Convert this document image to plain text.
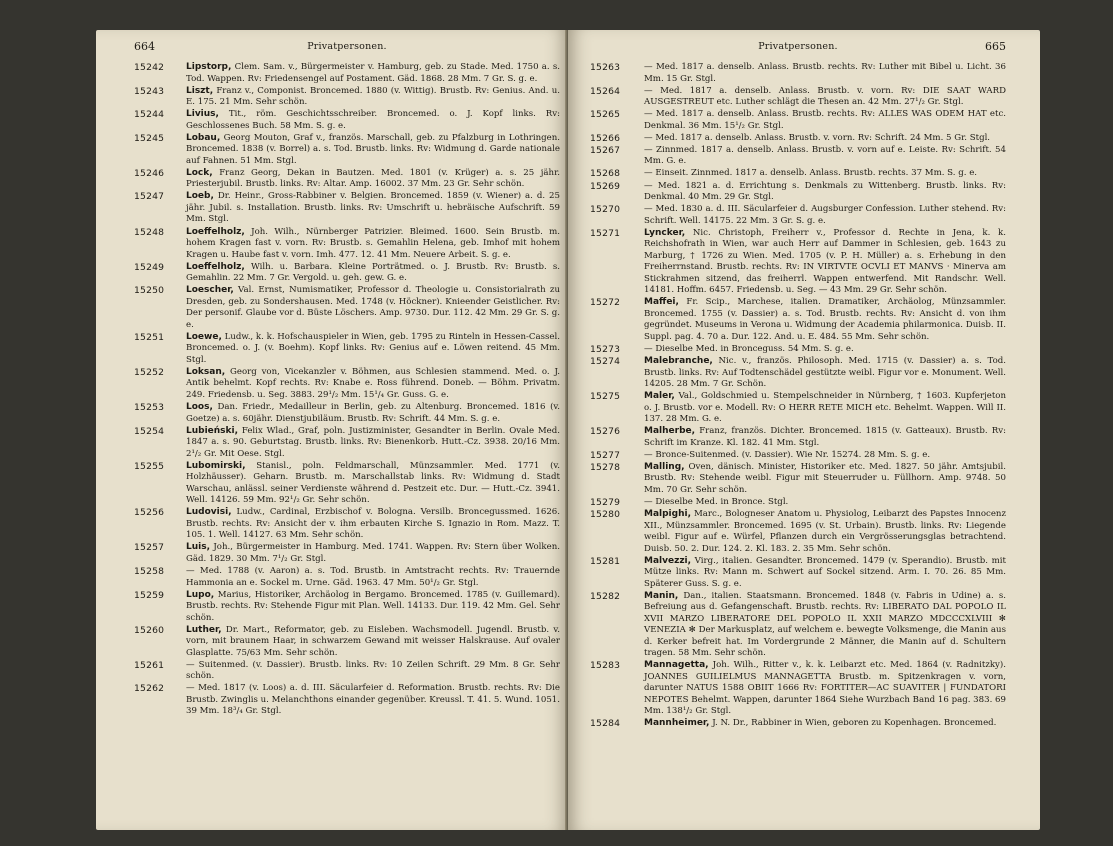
664	Privatpersonen.
15242 Lipstorp, Clem. Sam. v., Bürgermeister v. Hamburg, geb. zu Stade. Med. 1750 a. s. Tod. Wappen. Rv: Friedensengel auf Postament. Gäd. 1868. 28 Mm. 7 Gr. S. g. e.
15243 Liszt, Franz v., Componist. Broncemed. 1880 (v. Wittig). Brustb. Rv: Genius. And. u. E. 175. 21 Mm. Sehr schön.
15244 Livius, Tit., röm. Geschichtsschreiber. Broncemed. o. J. Kopf links. Rv: Geschlossenes Buch. 58 Mm. S. g. e.
15245 Lobau, Georg Mouton, Graf v., französ. Marschall, geb. zu Pfalzburg in Lothringen. Broncemed. 1838 (v. Borrel) a. s. Tod. Brustb. links. Rv: Widmung d. Garde nationale auf Fahnen. 51 Mm. Stgl.
15246 Lock, Franz Georg, Dekan in Bautzen. Med. 1801 (v. Krüger) a. s. 25 jähr. Priesterjubil. Brustb. links. Rv: Altar. Amp. 16002. 37 Mm. 23 Gr. Sehr schön.
15247 Loeb, Dr. Heinr., Gross-Rabbiner v. Belgien. Broncemed. 1859 (v. Wiener) a. d. 25 jähr. Jubil. s. Installation. Brustb. links. Rv: Umschrift u. hebräische Aufschrift. 59 Mm. Stgl.
15248 Loeffelholz, Joh. Wilh., Nürnberger Patrizier. Bleimed. 1600. Sein Brustb. m. hohem Kragen fast v. vorn. Rv: Brustb. s. Gemahlin Helena, geb. Imhof mit hohem Kragen u. Haube fast v. vorn. Imh. 477. 12. 41 Mm. Neuere Arbeit. S. g. e.
15249 Loeffelholz, Wilh. u. Barbara. Kleine Porträtmed. o. J. Brustb. Rv: Brustb. s. Gemahlin. 22 Mm. 7 Gr. Vergold. u. geh. gew. G. e.
15250 Loescher, Val. Ernst, Numismatiker, Professor d. Theologie u. Consistorialrath zu Dresden, geb. zu Sondershausen. Med. 1748 (v. Höckner). Knieender Geistlicher. Rv: Der personif. Glaube vor d. Büste Löschers. Amp. 9730. Dur. 112. 42 Mm. 29 Gr. S. g. e.
15251 Loewe, Ludw., k. k. Hofschauspieler in Wien, geb. 1795 zu Rinteln in Hessen-Cassel. Broncemed. o. J. (v. Boehm). Kopf links. Rv: Genius auf e. Löwen reitend. 45 Mm. Stgl.
15252 Loksan, Georg von, Vicekanzler v. Böhmen, aus Schlesien stammend. Med. o. J. Antik behelmt. Kopf rechts. Rv: Knabe e. Ross führend. Doneb. — Böhm. Privatm. 249. Friedensb. u. Seg. 3883. 29¹/₂ Mm. 15¹/₄ Gr. Guss. G. e.
15253 Loos, Dan. Friedr., Medailleur in Berlin, geb. zu Altenburg. Broncemed. 1816 (v. Goetze) a. s. 60jähr. Dienstjubiläum. Brustb. Rv: Schrift. 44 Mm. S. g. e.
15254 Lubieński, Felix Wlad., Graf, poln. Justizminister, Gesandter in Berlin. Ovale Med. 1847 a. s. 90. Geburtstag. Brustb. links. Rv: Bienenkorb. Hutt.-Cz. 3938. 20/16 Mm. 2¹/₂ Gr. Mit Oese. Stgl.
15255 Lubomirski, Stanisl., poln. Feldmarschall, Münzsammler. Med. 1771 (v. Holzhäusser). Geharn. Brustb. m. Marschallstab links. Rv: Widmung d. Stadt Warschau, anlässl. seiner Verdienste während d. Pestzeit etc. Dur. — Hutt.-Cz. 3941. Well. 14126. 59 Mm. 92¹/₂ Gr. Sehr schön.
15256 Ludovisi, Ludw., Cardinal, Erzbischof v. Bologna. Versilb. Broncegussmed. 1626. Brustb. rechts. Rv: Ansicht der v. ihm erbauten Kirche S. Ignazio in Rom. Mazz. T. 105. 1. Well. 14127. 63 Mm. Sehr schön.
15257 Luis, Joh., Bürgermeister in Hamburg. Med. 1741. Wappen. Rv: Stern über Wolken. Gäd. 1829. 30 Mm. 7¹/₂ Gr. Stgl.
15258	— Med. 1788 (v. Aaron) a. s. Tod. Brustb. in Amtstracht rechts. Rv: Trauernde Hammonia an e. Sockel m. Urne. Gäd. 1963. 47 Mm. 50¹/₂ Gr. Stgl.
15259 Lupo, Marius, Historiker, Archäolog in Bergamo. Broncemed. 1785 (v. Guillemard). Brustb. rechts. Rv: Stehende Figur mit Plan. Well. 14133. Dur. 119. 42 Mm. Gel. Sehr schön.
15260 Luther, Dr. Mart., Reformator, geb. zu Eisleben. Wachsmodell. Jugendl. Brustb. v. vorn, mit braunem Haar, in schwarzem Gewand mit weisser Halskrause. Auf ovaler Glasplatte. 75/63 Mm. Sehr schön.
15261	— Suitenmed. (v. Dassier). Brustb. links. Rv: 10 Zeilen Schrift. 29 Mm. 8 Gr. Sehr schön.
15262	— Med. 1817 (v. Loos) a. d. III. Säcularfeier d. Reformation. Brustb. rechts. Rv: Die Brustb. Zwinglis u. Melanchthons einander gegenüber. Kreussl. T. 41. 5. Wund. 1051. 39 Mm. 18³/₄ Gr. Stgl.
Privatpersonen.	665
15263	— Med. 1817 a. denselb. Anlass. Brustb. rechts. Rv: Luther mit Bibel u. Licht. 36 Mm. 15 Gr. Stgl.
15264	— Med. 1817 a. denselb. Anlass. Brustb. v. vorn. Rv: DIE SAAT WARD AUSGESTREUT etc. Luther schlägt die Thesen an. 42 Mm. 27¹/₂ Gr. Stgl.
15265	— Med. 1817 a. denselb. Anlass. Brustb. rechts. Rv: ALLES WAS ODEM HAT etc. Denkmal. 36 Mm. 15¹/₂ Gr. Stgl.
15266	— Med. 1817 a. denselb. Anlass. Brustb. v. vorn. Rv: Schrift. 24 Mm. 5 Gr. Stgl.
15267	— Zinnmed. 1817 a. denselb. Anlass. Brustb. v. vorn auf e. Leiste. Rv: Schrift. 54 Mm. G. e.
15268	— Einseit. Zinnmed. 1817 a. denselb. Anlass. Brustb. rechts. 37 Mm. S. g. e.
15269	— Med. 1821 a. d. Errichtung s. Denkmals zu Wittenberg. Brustb. links. Rv: Denkmal. 40 Mm. 29 Gr. Stgl.
15270	— Med. 1830 a. d. III. Säcularfeier d. Augsburger Confession. Luther stehend. Rv: Schrift. Well. 14175. 22 Mm. 3 Gr. S. g. e.
15271	Lyncker, Nic. Christoph, Freiherr v., Professor d. Rechte in Jena, k. k. Reichshofrath in Wien, war auch Herr auf Dammer in Schlesien, geb. 1643 zu Marburg, † 1726 zu Wien. Med. 1705 (v. P. H. Müller) a. s. Erhebung in den Freiherrnstand. Brustb. rechts. Rv: IN VIRTVTE OCVLI ET MANVS · Minerva am Stickrahmen sitzend, das freiherrl. Wappen entwerfend. Mit Randschr. Well. 14181. Hoffm. 6457. Friedensb. u. Seg. — 43 Mm. 29 Gr. Sehr schön.
15272	Maffei, Fr. Scip., Marchese, italien. Dramatiker, Archäolog, Münzsammler. Broncemed. 1755 (v. Dassier) a. s. Tod. Brustb. rechts. Rv: Ansicht d. von ihm gegründet. Museums in Verona u. Widmung der Academia philarmonica. Duisb. II. Suppl. pag. 4. 70 a. Dur. 122. And. u. E. 484. 55 Mm. Sehr schön.
15273	— Dieselbe Med. in Bronceguss. 54 Mm. S. g. e.
15274	Malebranche, Nic. v., französ. Philosoph. Med. 1715 (v. Dassier) a. s. Tod. Brustb. links. Rv: Auf Todtenschädel gestützte weibl. Figur vor e. Monument. Well. 14205. 28 Mm. 7 Gr. Schön.
15275	Maler, Val., Goldschmied u. Stempelschneider in Nürnberg, † 1603. Kupferjeton o. J. Brustb. vor e. Modell. Rv: O HERR RETE MICH etc. Behelmt. Wappen. Will II. 137. 28 Mm. G. e.
15276	Malherbe, Franz, französ. Dichter. Broncemed. 1815 (v. Gatteaux). Brustb. Rv: Schrift im Kranze. Kl. 182. 41 Mm. Stgl.
15277	— Bronce-Suitenmed. (v. Dassier). Wie Nr. 15274. 28 Mm. S. g. e.
15278	Malling, Oven, dänisch. Minister, Historiker etc. Med. 1827. 50 jähr. Amtsjubil. Brustb. Rv: Stehende weibl. Figur mit Steuerruder u. Füllhorn. Amp. 9748. 50 Mm. 70 Gr. Sehr schön.
15279	— Dieselbe Med. in Bronce. Stgl.
15280	Malpighi, Marc., Bologneser Anatom u. Physiolog, Leibarzt des Papstes Innocenz XII., Münzsammler. Broncemed. 1695 (v. St. Urbain). Brustb. links. Rv: Liegende weibl. Figur auf e. Würfel, Pflanzen durch ein Vergrösserungsglas betrachtend. Duisb. 50. 2. Dur. 124. 2. Kl. 183. 2. 35 Mm. Sehr schön.
15281	Malvezzi, Virg., italien. Gesandter. Broncemed. 1479 (v. Sperandio). Brustb. mit Mütze links. Rv: Mann m. Schwert auf Sockel sitzend. Arm. I. 70. 26. 85 Mm. Späterer Guss. S. g. e.
15282	Manin, Dan., italien. Staatsmann. Broncemed. 1848 (v. Fabris in Udine) a. s. Befreiung aus d. Gefangenschaft. Brustb. rechts. Rv: LIBERATO DAL POPOLO IL XVII MARZO LIBERATORE DEL POPOLO IL XXII MARZO MDCCCXLVIII ✻ VENEZIA ✻ Der Markusplatz, auf welchem e. bewegte Volksmenge, die Manin aus d. Kerker befreit hat. Im Vordergrunde 2 Männer, die Manin auf d. Schultern tragen. 58 Mm. Sehr schön.
15283	Mannagetta, Joh. Wilh., Ritter v., k. k. Leibarzt etc. Med. 1864 (v. Radnitzky). JOANNES GUILIELMUS MANNAGETTA Brustb. m. Spitzenkragen v. vorn, darunter NATUS 1588 OBIIT 1666 Rv: FORTITER—AC SUAVITER | FUNDATORI NEPOTES Behelmt. Wappen, darunter 1864 Siehe Wurzbach Band 16 pag. 383. 69 Mm. 138¹/₂ Gr. Stgl.
15284	Mannheimer, J. N. Dr., Rabbiner in Wien, geboren zu Kopenhagen. Broncemed.
